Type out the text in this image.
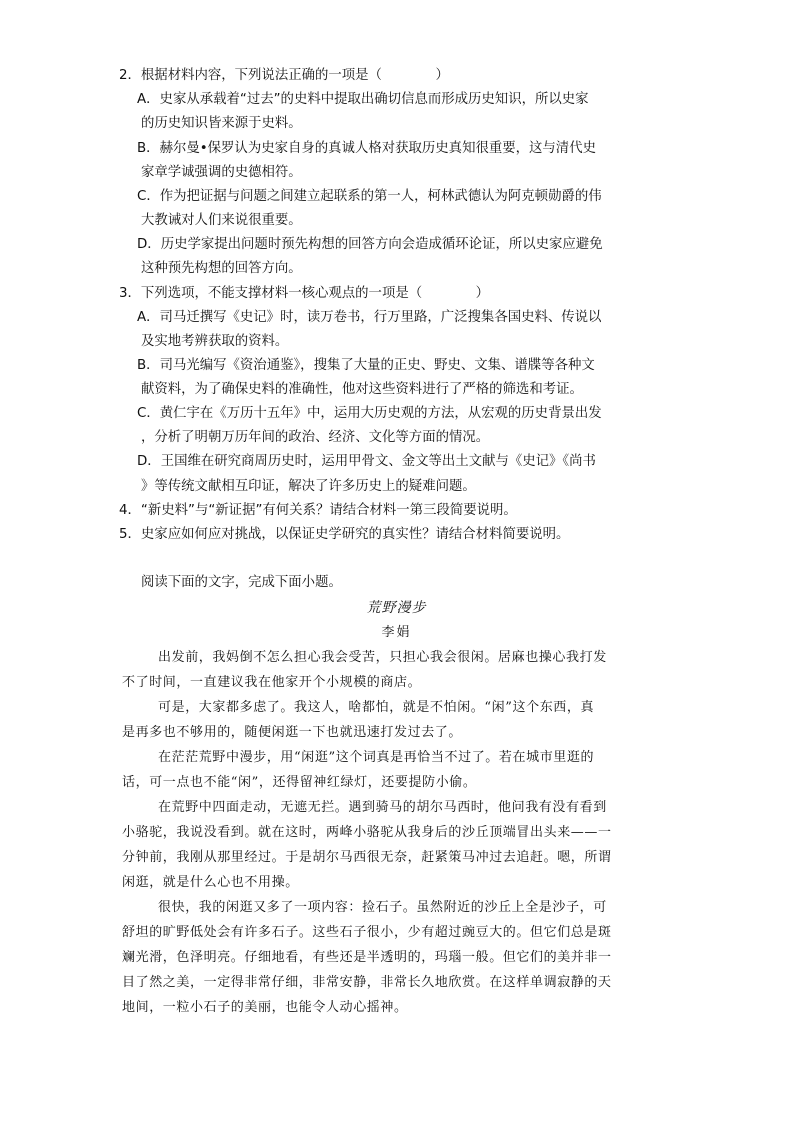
2．根据材料内容，下列说法正确的一项是（　　　　）
A．史家从承载着“过去”的史料中提取出确切信息而形成历史知识，所以史家
的历史知识皆来源于史料。
B．赫尔曼•保罗认为史家自身的真诚人格对获取历史真知很重要，这与清代史
家章学诚强调的史德相符。
C．作为把证据与问题之间建立起联系的第一人，柯林武德认为阿克顿勋爵的伟
大教诫对人们来说很重要。
D．历史学家提出问题时预先构想的回答方向会造成循环论证，所以史家应避免
这种预先构想的回答方向。
3．下列选项，不能支撑材料一核心观点的一项是（　　　　）
A．司马迁撰写《史记》时，读万卷书，行万里路，广泛搜集各国史料、传说以
及实地考辨获取的资料。
B．司马光编写《资治通鉴》，搜集了大量的正史、野史、文集、谱牒等各种文
献资料，为了确保史料的准确性，他对这些资料进行了严格的筛选和考证。
C．黄仁宇在《万历十五年》中，运用大历史观的方法，从宏观的历史背景出发
，分析了明朝万历年间的政治、经济、文化等方面的情况。
D．王国维在研究商周历史时，运用甲骨文、金文等出土文献与《史记》《尚书
》等传统文献相互印证，解决了许多历史上的疑难问题。
4．“新史料”与“新证据”有何关系？请结合材料一第三段简要说明。
5．史家应如何应对挑战，以保证史学研究的真实性？请结合材料简要说明。
阅读下面的文字，完成下面小题。
荒野漫步
李娟
出发前，我妈倒不怎么担心我会受苦，只担心我会很闲。居麻也操心我打发
不了时间，一直建议我在他家开个小规模的商店。
可是，大家都多虑了。我这人，啥都怕，就是不怕闲。“闲”这个东西，真
是再多也不够用的，随便闲逛一下也就迅速打发过去了。
在茫茫荒野中漫步，用“闲逛”这个词真是再恰当不过了。若在城市里逛的
话，可一点也不能“闲”，还得留神红绿灯，还要提防小偷。
在荒野中四面走动，无遮无拦。遇到骑马的胡尔马西时，他问我有没有看到
小骆驼，我说没看到。就在这时，两峰小骆驼从我身后的沙丘顶端冒出头来——一
分钟前，我刚从那里经过。于是胡尔马西很无奈，赶紧策马冲过去追赶。嗯，所谓
闲逛，就是什么心也不用操。
很快，我的闲逛又多了一项内容：捡石子。虽然附近的沙丘上全是沙子，可
舒坦的旷野低处会有许多石子。这些石子很小，少有超过豌豆大的。但它们总是斑
斓光滑，色泽明亮。仔细地看，有些还是半透明的，玛瑙一般。但它们的美并非一
目了然之美，一定得非常仔细，非常安静，非常长久地欣赏。在这样单调寂静的天
地间，一粒小石子的美丽，也能令人动心摇神。
